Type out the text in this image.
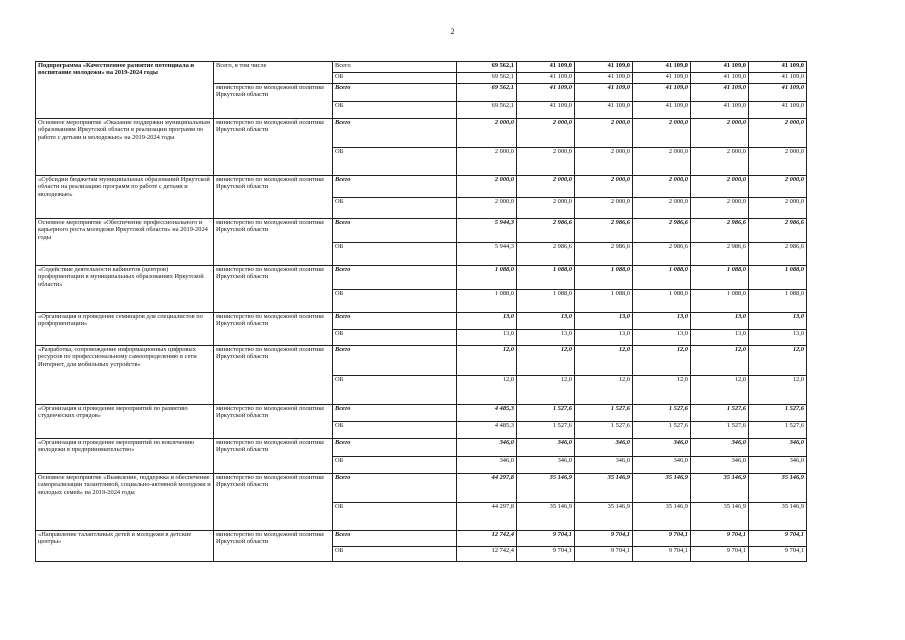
2
Подпрограмма «Качественное развитие потенциала и воспитание молодежи» на 2019-2024 годы	Всего, в том числе	Всего	69 562,1	41 109,0	41 109,0	41 109,0	41 109,0	41 109,0
		ОБ	69 562,1	41 109,0	41 109,0	41 109,0	41 109,0	41 109,0
	министерство по молодежной политике Иркутской области	Всего	69 562,1	41 109,0	41 109,0	41 109,0	41 109,0	41 109,0
		ОБ	69 562,1	41 109,0	41 109,0	41 109,0	41 109,0	41 109,0
Основное мероприятие «Оказание поддержки муниципальным образованиям Иркутской области в реализации программ по работе с детьми и молодежью» на 2019-2024 годы	министерство по молодежной политике Иркутской области	Всего	2 000,0	2 000,0	2 000,0	2 000,0	2 000,0	2 000,0
		ОБ	2 000,0	2 000,0	2 000,0	2 000,0	2 000,0	2 000,0
«Субсидии бюджетам муниципальных образований Иркутской области на реализацию программ по работе с детьми и молодежью»	министерство по молодежной политике Иркутской области	Всего	2 000,0	2 000,0	2 000,0	2 000,0	2 000,0	2 000,0
		ОБ	2 000,0	2 000,0	2 000,0	2 000,0	2 000,0	2 000,0
Основное мероприятие «Обеспечение профессионального и карьерного роста молодежи Иркутской области» на 2019-2024 годы	министерство по молодежной политике Иркутской области	Всего	5 944,3	2 986,6	2 986,6	2 986,6	2 986,6	2 986,6
		ОБ	5 944,3	2 986,6	2 986,6	2 986,6	2 986,6	2 986,6
«Содействие деятельности кабинетов (центров) профориентации в муниципальных образованиях Иркутской области»	министерство по молодежной политике Иркутской области	Всего	1 088,0	1 088,0	1 088,0	1 088,0	1 088,0	1 088,0
		ОБ	1 088,0	1 088,0	1 088,0	1 088,0	1 088,0	1 088,0
«Организация и проведение семинаров для специалистов по профориентации»	министерство по молодежной политике Иркутской области	Всего	13,0	13,0	13,0	13,0	13,0	13,0
		ОБ	13,0	13,0	13,0	13,0	13,0	13,0
«Разработка, сопровождение информационных цифровых ресурсов по профессиональному самоопределению в сети Интернет, для мобильных устройств»	министерство по молодежной политике Иркутской области	Всего	12,0	12,0	12,0	12,0	12,0	12,0
		ОБ	12,0	12,0	12,0	12,0	12,0	12,0
«Организация и проведение мероприятий по развитию студенческих отрядов»	министерство по молодежной политике Иркутской области	Всего	4 485,3	1 527,6	1 527,6	1 527,6	1 527,6	1 527,6
		ОБ	4 485,3	1 527,6	1 527,6	1 527,6	1 527,6	1 527,6
«Организация и проведение мероприятий по вовлечению молодежи в предпринимательство»	министерство по молодежной политике Иркутской области	Всего	346,0	346,0	346,0	346,0	346,0	346,0
		ОБ	346,0	346,0	346,0	346,0	346,0	346,0
Основное мероприятие «Выявление, поддержка и обеспечение самореализации талантливой, социально-активной молодежи и молодых семей» на 2019-2024 годы	министерство по молодежной политике Иркутской области	Всего	44 297,8	35 146,9	35 146,9	35 146,9	35 146,9	35 146,9
		ОБ	44 297,8	35 146,9	35 146,9	35 146,9	35 146,9	35 146,9
«Направление талантливых детей и молодежи в детские центры»	министерство по молодежной политике Иркутской области	Всего	12 742,4	9 704,1	9 704,1	9 704,1	9 704,1	9 704,1
		ОБ	12 742,4	9 704,1	9 704,1	9 704,1	9 704,1	9 704,1
